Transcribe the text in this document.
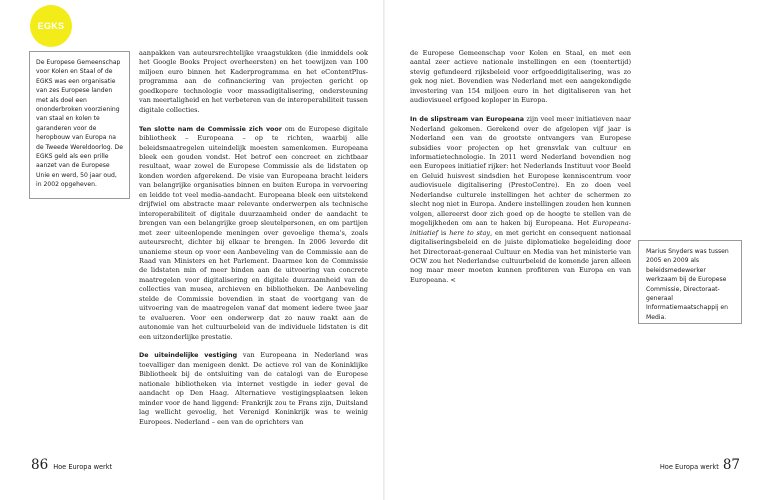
EGKS

De Europese Gemeenschap voor Kolen en Staal of de EGKS was een organisatie van zes Europese landen met als doel een ononderbroken voorziening van staal en kolen te garanderen voor de heropbouw van Europa na de Tweede Wereldoorlog. De EGKS geld als een prille aanzet van de Europese Unie en werd, 50 jaar oud, in 2002 opgeheven.

aanpakken van auteursrechtelijke vraagstukken (die inmiddels ook het Google Books Project overheersten) en het toewijzen van 100 miljoen euro binnen het Kaderprogramma en het eContentPlus-programma aan de cofinanciering van projecten gericht op goedkopere technologie voor massadigitalisering, ondersteuning van meertaligheid en het verbeteren van de interoperabiliteit tussen digitale collecties.

Ten slotte nam de Commissie zich voor om de Europese digitale bibliotheek – Europeana – op te richten, waarbij alle beleidsmaatregelen uiteindelijk moesten samenkomen. Europeana bleek een gouden vondst. Het betrof een concreet en zichtbaar resultaat, waar zowel de Europese Commissie als de lidstaten op konden worden afgerekend. De visie van Europeana bracht leiders van belangrijke organisaties binnen en buiten Europa in vervoering en leidde tot veel media-aandacht. Europeana bleek een uitstekend drijfwiel om abstracte maar relevante onderwerpen als technische interoperabiliteit of digitale duurzaamheid onder de aandacht te brengen van een belangrijke groep sleutelpersonen, en om partijen met zeer uiteenlopende meningen over gevoelige thema's, zoals auteursrecht, dichter bij elkaar te brengen. In 2006 leverde dit unanieme steun op voor een Aanbeveling van de Commissie aan de Raad van Ministers en het Parlement. Daarmee kon de Commissie de lidstaten min of meer binden aan de uitvoering van concrete maatregelen voor digitalisering en digitale duurzaamheid van de collecties van musea, archieven en bibliotheken. De Aanbeveling stelde de Commissie bovendien in staat de voortgang van de uitvoering van de maatregelen vanaf dat moment iedere twee jaar te evalueren. Voor een onderwerp dat zo nauw raakt aan de autonomie van het cultuurbeleid van de individuele lidstaten is dit een uitzonderlijke prestatie.

De uiteindelijke vestiging van Europeana in Nederland was toevalliger dan menigeen denkt. De actieve rol van de Koninklijke Bibliotheek bij de ontsluiting van de catalogi van de Europese nationale bibliotheken via internet vestigde in ieder geval de aandacht op Den Haag. Alternatieve vestigingsplaatsen leken minder voor de hand liggend: Frankrijk zou te Frans zijn, Duitsland lag wellicht gevoelig, het Verenigd Koninkrijk was te weinig Europees. Nederland – een van de oprichters van

de Europese Gemeenschap voor Kolen en Staal, en met een aantal zeer actieve nationale instellingen en een (toentertijd) stevig gefundeerd rijksbeleid voor erfgoeddigitalisering, was zo gek nog niet. Bovendien was Nederland met een aangekondigde investering van 154 miljoen euro in het digitaliseren van het audiovisueel erfgoed koploper in Europa.

In de slipstream van Europeana zijn veel meer initiatieven naar Nederland gekomen. Gerekend over de afgelopen vijf jaar is Nederland een van de grootste ontvangers van Europese subsidies voor projecten op het grensvlak van cultuur en informatietechnologie. In 2011 werd Nederland bovendien nog een Europees initiatief rijker: het Nederlands Instituut voor Beeld en Geluid huisvest sindsdien het Europese kenniscentrum voor audiovisuele digitalisering (PrestoCentre). En zo doen veel Nederlandse culturele instellingen het achter de schermen zo slecht nog niet in Europa. Andere instellingen zouden hen kunnen volgen, allereerst door zich goed op de hoogte te stellen van de mogelijkheden om aan te haken bij Europeana. Het Europeana-initiatief is here to stay, en met gericht en consequent nationaal digitaliseringsbeleid en de juiste diplomatieke begeleiding door het Directoraat-generaal Cultuur en Media van het ministerie van OCW zou het Nederlandse cultuurbeleid de komende jaren alleen nog maar meer moeten kunnen profiteren van Europa en van Europeana. <

Marius Snyders was tussen 2005 en 2009 als beleidsmedewerker werkzaam bij de Europese Commissie, Directoraat-generaal Informatiemaatschappij en Media.

86 Hoe Europa werkt	Hoe Europa werkt 87
